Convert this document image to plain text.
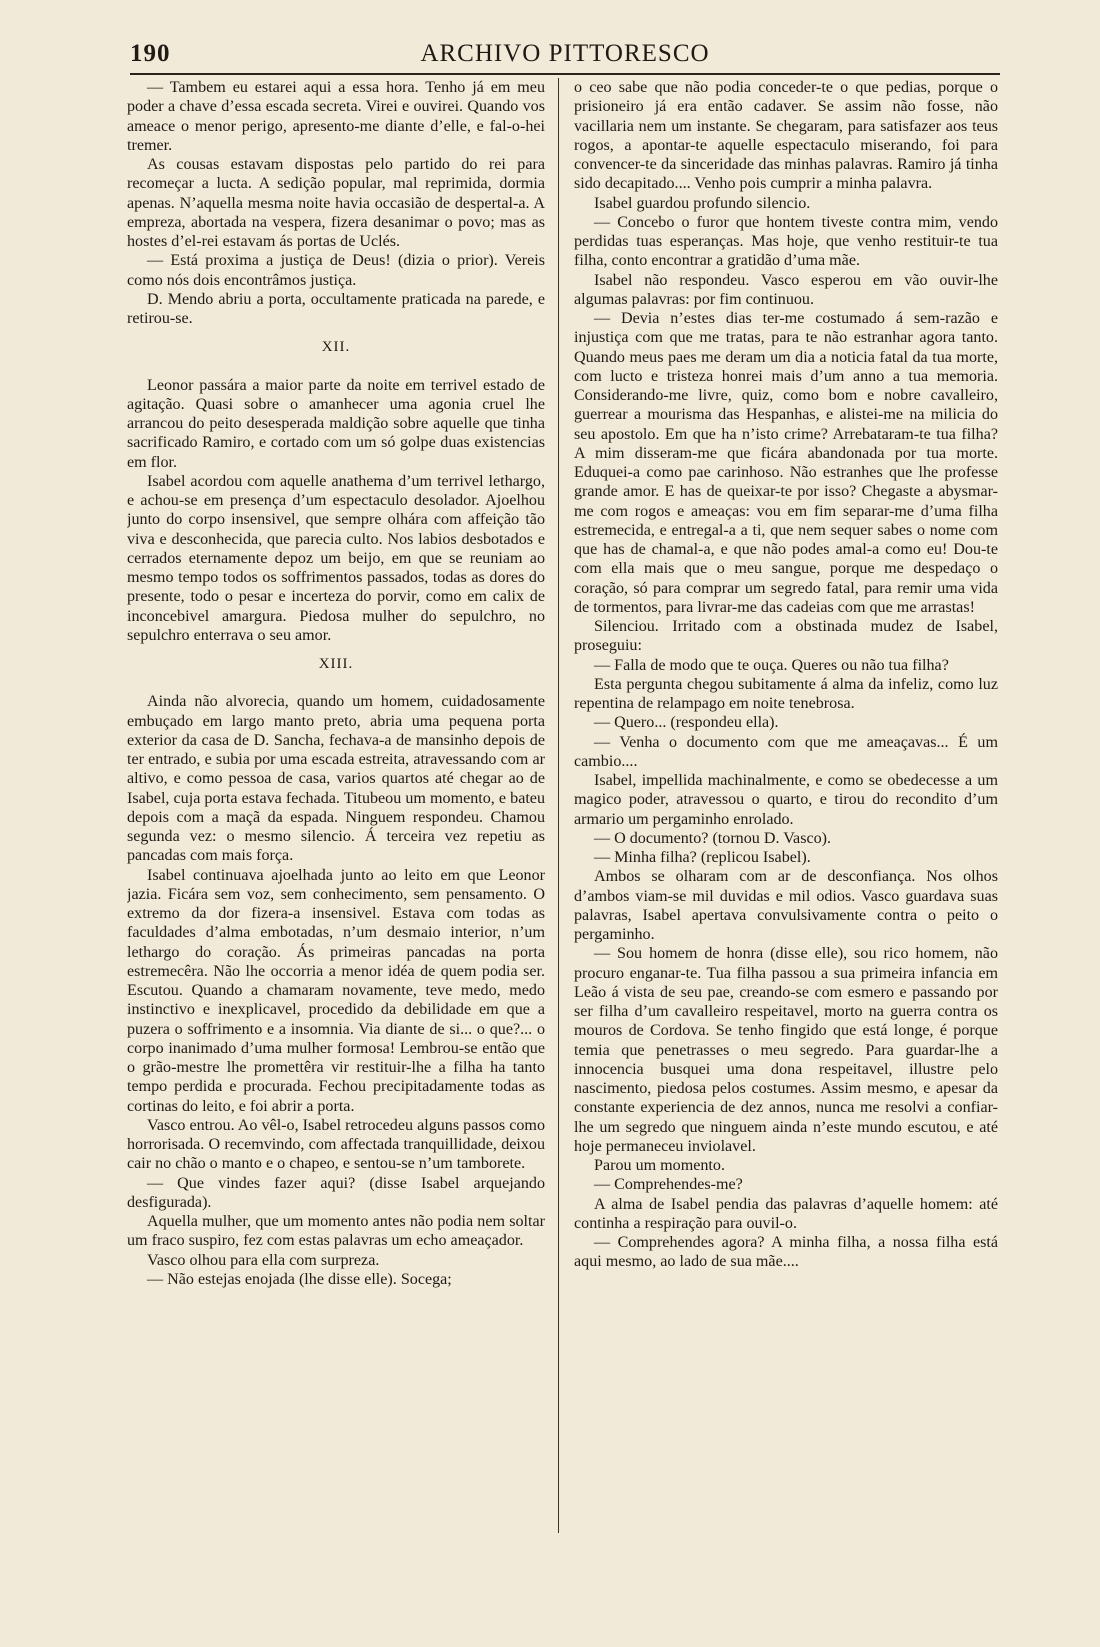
190	ARCHIVO PITTORESCO

— Tambem eu estarei aqui a essa hora. Tenho já em meu poder a chave d’essa escada secreta. Virei e ouvirei. Quando vos ameace o menor perigo, apresento-me diante d’elle, e fal-o-hei tremer.

As cousas estavam dispostas pelo partido do rei para recomeçar a lucta. A sedição popular, mal reprimida, dormia apenas. N’aquella mesma noite havia occasião de despertal-a. A empreza, abortada na vespera, fizera desanimar o povo; mas as hostes d’el-rei estavam ás portas de Uclés.

— Está proxima a justiça de Deus! (dizia o prior). Vereis como nós dois encontrâmos justiça.

D. Mendo abriu a porta, occultamente praticada na parede, e retirou-se.

XII.

Leonor passára a maior parte da noite em terrivel estado de agitação. Quasi sobre o amanhecer uma agonia cruel lhe arrancou do peito desesperada maldição sobre aquelle que tinha sacrificado Ramiro, e cortado com um só golpe duas existencias em flor.

Isabel acordou com aquelle anathema d’um terrivel lethargo, e achou-se em presença d’um espectaculo desolador. Ajoelhou junto do corpo insensivel, que sempre olhára com affeição tão viva e desconhecida, que parecia culto. Nos labios desbotados e cerrados eternamente depoz um beijo, em que se reuniam ao mesmo tempo todos os soffrimentos passados, todas as dores do presente, todo o pesar e incerteza do porvir, como em calix de inconcebivel amargura. Piedosa mulher do sepulchro, no sepulchro enterrava o seu amor.

XIII.

Ainda não alvorecia, quando um homem, cuidadosamente embuçado em largo manto preto, abria uma pequena porta exterior da casa de D. Sancha, fechava-a de mansinho depois de ter entrado, e subia por uma escada estreita, atravessando com ar altivo, e como pessoa de casa, varios quartos até chegar ao de Isabel, cuja porta estava fechada. Titubeou um momento, e bateu depois com a maçã da espada. Ninguem respondeu. Chamou segunda vez: o mesmo silencio. Á terceira vez repetiu as pancadas com mais força.

Isabel continuava ajoelhada junto ao leito em que Leonor jazia. Ficára sem voz, sem conhecimento, sem pensamento. O extremo da dor fizera-a insensivel. Estava com todas as faculdades d’alma embotadas, n’um desmaio interior, n’um lethargo do coração. Ás primeiras pancadas na porta estremecêra. Não lhe occorria a menor idéa de quem podia ser. Escutou. Quando a chamaram novamente, teve medo, medo instinctivo e inexplicavel, procedido da debilidade em que a puzera o soffrimento e a insomnia. Via diante de si... o que?... o corpo inanimado d’uma mulher formosa! Lembrou-se então que o grão-mestre lhe promettêra vir restituir-lhe a filha ha tanto tempo perdida e procurada. Fechou precipitadamente todas as cortinas do leito, e foi abrir a porta.

Vasco entrou. Ao vêl-o, Isabel retrocedeu alguns passos como horrorisada. O recemvindo, com affectada tranquillidade, deixou cair no chão o manto e o chapeo, e sentou-se n’um tamborete.

— Que vindes fazer aqui? (disse Isabel arquejando desfigurada).

Aquella mulher, que um momento antes não podia nem soltar um fraco suspiro, fez com estas palavras um echo ameaçador.

Vasco olhou para ella com surpreza.

— Não estejas enojada (lhe disse elle). Socega;

o ceo sabe que não podia conceder-te o que pedias, porque o prisioneiro já era então cadaver. Se assim não fosse, não vacillaria nem um instante. Se chegaram, para satisfazer aos teus rogos, a apontar-te aquelle espectaculo miserando, foi para convencer-te da sinceridade das minhas palavras. Ramiro já tinha sido decapitado.... Venho pois cumprir a minha palavra.

Isabel guardou profundo silencio.

— Concebo o furor que hontem tiveste contra mim, vendo perdidas tuas esperanças. Mas hoje, que venho restituir-te tua filha, conto encontrar a gratidão d’uma mãe.

Isabel não respondeu. Vasco esperou em vão ouvir-lhe algumas palavras: por fim continuou.

— Devia n’estes dias ter-me costumado á sem-razão e injustiça com que me tratas, para te não estranhar agora tanto. Quando meus paes me deram um dia a noticia fatal da tua morte, com lucto e tristeza honrei mais d’um anno a tua memoria. Considerando-me livre, quiz, como bom e nobre cavalleiro, guerrear a mourisma das Hespanhas, e alistei-me na milicia do seu apostolo. Em que ha n’isto crime? Arrebataram-te tua filha? A mim disseram-me que ficára abandonada por tua morte. Eduquei-a como pae carinhoso. Não estranhes que lhe professe grande amor. E has de queixar-te por isso? Chegaste a abysmar-me com rogos e ameaças: vou em fim separar-me d’uma filha estremecida, e entregal-a a ti, que nem sequer sabes o nome com que has de chamal-a, e que não podes amal-a como eu! Dou-te com ella mais que o meu sangue, porque me despedaço o coração, só para comprar um segredo fatal, para remir uma vida de tormentos, para livrar-me das cadeias com que me arrastas!

Silenciou. Irritado com a obstinada mudez de Isabel, proseguiu:

— Falla de modo que te ouça. Queres ou não tua filha?

Esta pergunta chegou subitamente á alma da infeliz, como luz repentina de relampago em noite tenebrosa.

— Quero... (respondeu ella).

— Venha o documento com que me ameaçavas... É um cambio....

Isabel, impellida machinalmente, e como se obedecesse a um magico poder, atravessou o quarto, e tirou do recondito d’um armario um pergaminho enrolado.

— O documento? (tornou D. Vasco).

— Minha filha? (replicou Isabel).

Ambos se olharam com ar de desconfiança. Nos olhos d’ambos viam-se mil duvidas e mil odios. Vasco guardava suas palavras, Isabel apertava convulsivamente contra o peito o pergaminho.

— Sou homem de honra (disse elle), sou rico homem, não procuro enganar-te. Tua filha passou a sua primeira infancia em Leão á vista de seu pae, creando-se com esmero e passando por ser filha d’um cavalleiro respeitavel, morto na guerra contra os mouros de Cordova. Se tenho fingido que está longe, é porque temia que penetrasses o meu segredo. Para guardar-lhe a innocencia busquei uma dona respeitavel, illustre pelo nascimento, piedosa pelos costumes. Assim mesmo, e apesar da constante experiencia de dez annos, nunca me resolvi a confiar-lhe um segredo que ninguem ainda n’este mundo escutou, e até hoje permaneceu inviolavel.

Parou um momento.

— Comprehendes-me?

A alma de Isabel pendia das palavras d’aquelle homem: até continha a respiração para ouvil-o.

— Comprehendes agora? A minha filha, a nossa filha está aqui mesmo, ao lado de sua mãe....
